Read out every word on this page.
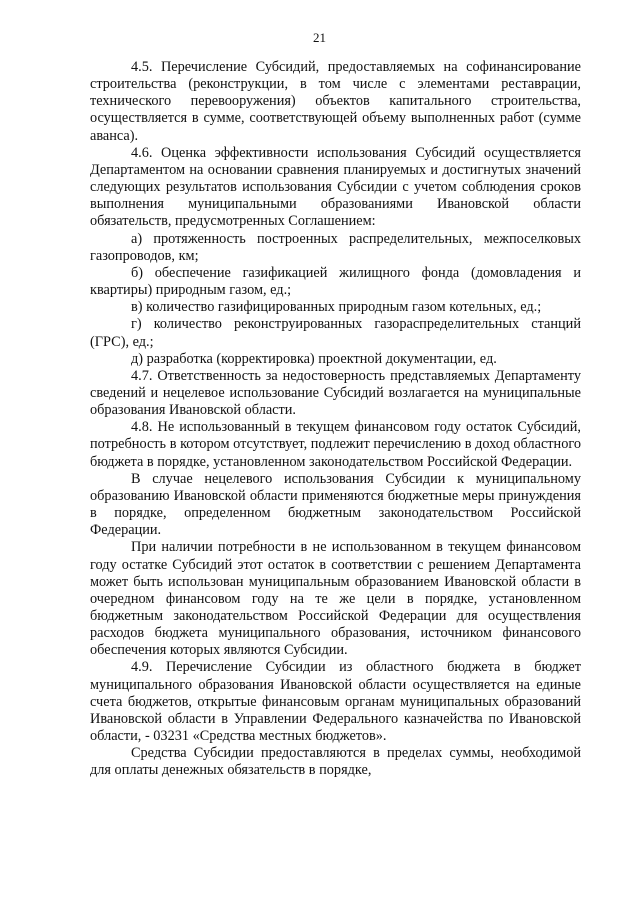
21

4.5. Перечисление Субсидий, предоставляемых на софинансирование строительства (реконструкции, в том числе с элементами реставрации, технического перевооружения) объектов капитального строительства, осуществляется в сумме, соответствующей объему выполненных работ (сумме аванса).

4.6. Оценка эффективности использования Субсидий осуществляется Департаментом на основании сравнения планируемых и достигнутых значений следующих результатов использования Субсидии с учетом соблюдения сроков выполнения муниципальными образованиями Ивановской области обязательств, предусмотренных Соглашением:

а) протяженность построенных распределительных, межпоселковых газопроводов, км;

б) обеспечение газификацией жилищного фонда (домовладения и квартиры) природным газом, ед.;

в) количество газифицированных природным газом котельных, ед.;

г) количество реконструированных газораспределительных станций (ГРС), ед.;

д) разработка (корректировка) проектной документации, ед.

4.7. Ответственность за недостоверность представляемых Департаменту сведений и нецелевое использование Субсидий возлагается на муниципальные образования Ивановской области.

4.8. Не использованный в текущем финансовом году остаток Субсидий, потребность в котором отсутствует, подлежит перечислению в доход областного бюджета в порядке, установленном законодательством Российской Федерации.

В случае нецелевого использования Субсидии к муниципальному образованию Ивановской области применяются бюджетные меры принуждения в порядке, определенном бюджетным законодательством Российской Федерации.

При наличии потребности в не использованном в текущем финансовом году остатке Субсидий этот остаток в соответствии с решением Департамента может быть использован муниципальным образованием Ивановской области в очередном финансовом году на те же цели в порядке, установленном бюджетным законодательством Российской Федерации для осуществления расходов бюджета муниципального образования, источником финансового обеспечения которых являются Субсидии.

4.9. Перечисление Субсидии из областного бюджета в бюджет муниципального образования Ивановской области осуществляется на единые счета бюджетов, открытые финансовым органам муниципальных образований Ивановской области в Управлении Федерального казначейства по Ивановской области, - 03231 «Средства местных бюджетов».

Средства Субсидии предоставляются в пределах суммы, необходимой для оплаты денежных обязательств в порядке,
